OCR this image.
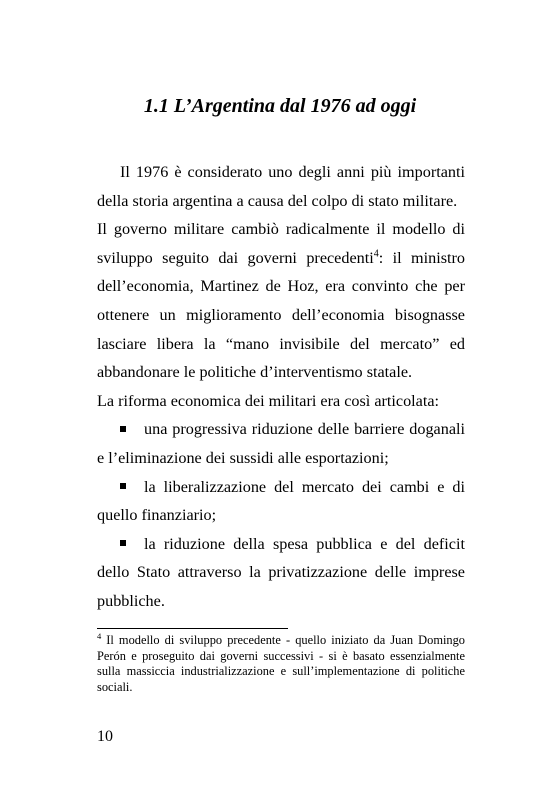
1.1 L’Argentina dal 1976 ad oggi

Il 1976 è considerato uno degli anni più importanti della storia argentina a causa del colpo di stato militare.

Il governo militare cambiò radicalmente il modello di sviluppo seguito dai governi precedenti$^4$: il ministro dell’economia, Martinez de Hoz, era convinto che per ottenere un miglioramento dell’economia bisognasse lasciare libera la “mano invisibile del mercato” ed abbandonare le politiche d’interventismo statale.

La riforma economica dei militari era così articolata:

una progressiva riduzione delle barriere doganali e l’eliminazione dei sussidi alle esportazioni;

la liberalizzazione del mercato dei cambi e di quello finanziario;

la riduzione della spesa pubblica e del deficit dello Stato attraverso la privatizzazione delle imprese pubbliche.

$^4$ Il modello di sviluppo precedente - quello iniziato da Juan Domingo Perón e proseguito dai governi successivi - si è basato essenzialmente sulla massiccia industrializzazione e sull’implementazione di politiche sociali.
10
